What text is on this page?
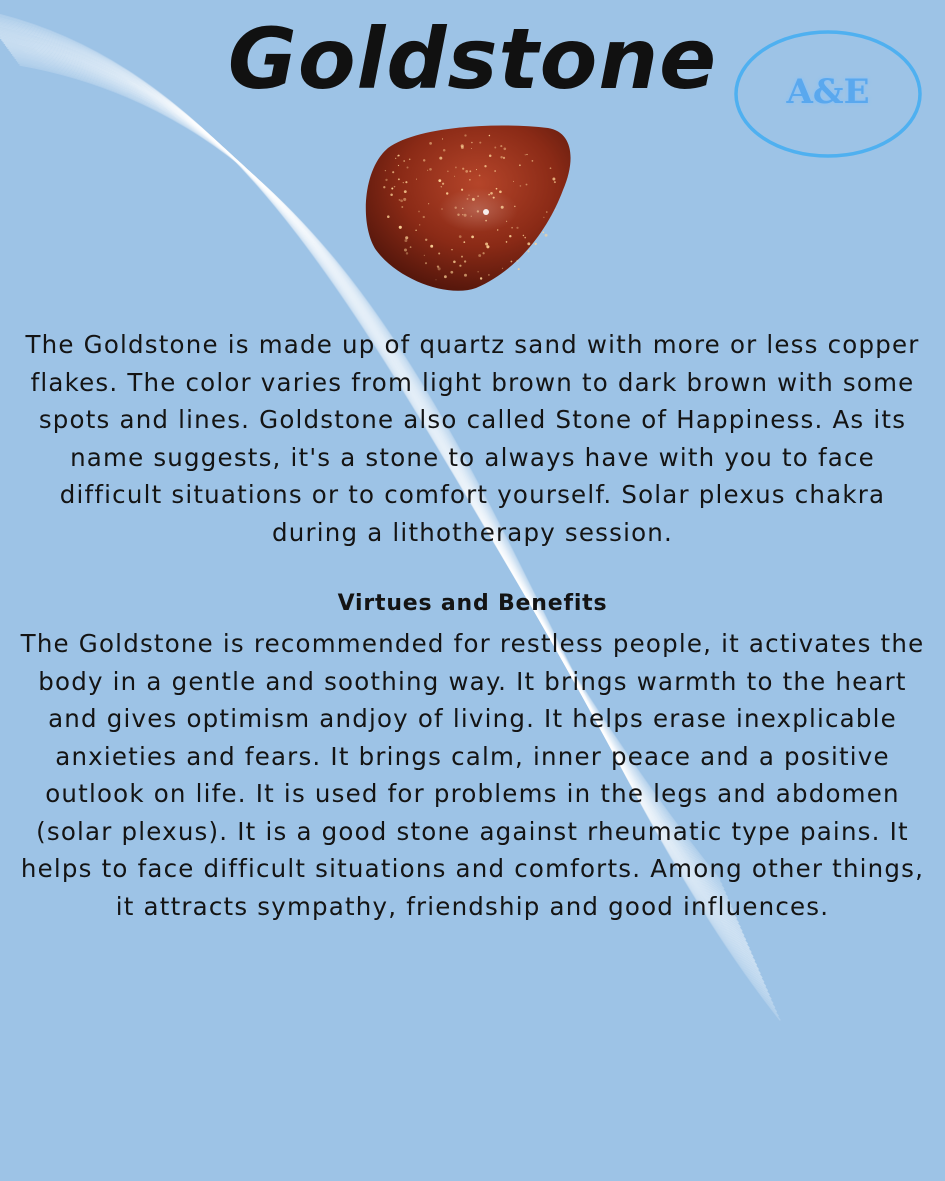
Goldstone	A&E

The Goldstone is made up of quartz sand with more or less copper flakes. The color varies from light brown to dark brown with some spots and lines. Goldstone also called Stone of Happiness. As its name suggests, it's a stone to always have with you to face difficult situations or to comfort yourself. Solar plexus chakra during a lithotherapy session.

Virtues and Benefits

The Goldstone is recommended for restless people, it activates the body in a gentle and soothing way. It brings warmth to the heart and gives optimism andjoy of living. It helps erase inexplicable anxieties and fears. It brings calm, inner peace and a positive outlook on life. It is used for problems in the legs and abdomen (solar plexus). It is a good stone against rheumatic type pains. It helps to face difficult situations and comforts. Among other things, it attracts sympathy, friendship and good influences.
